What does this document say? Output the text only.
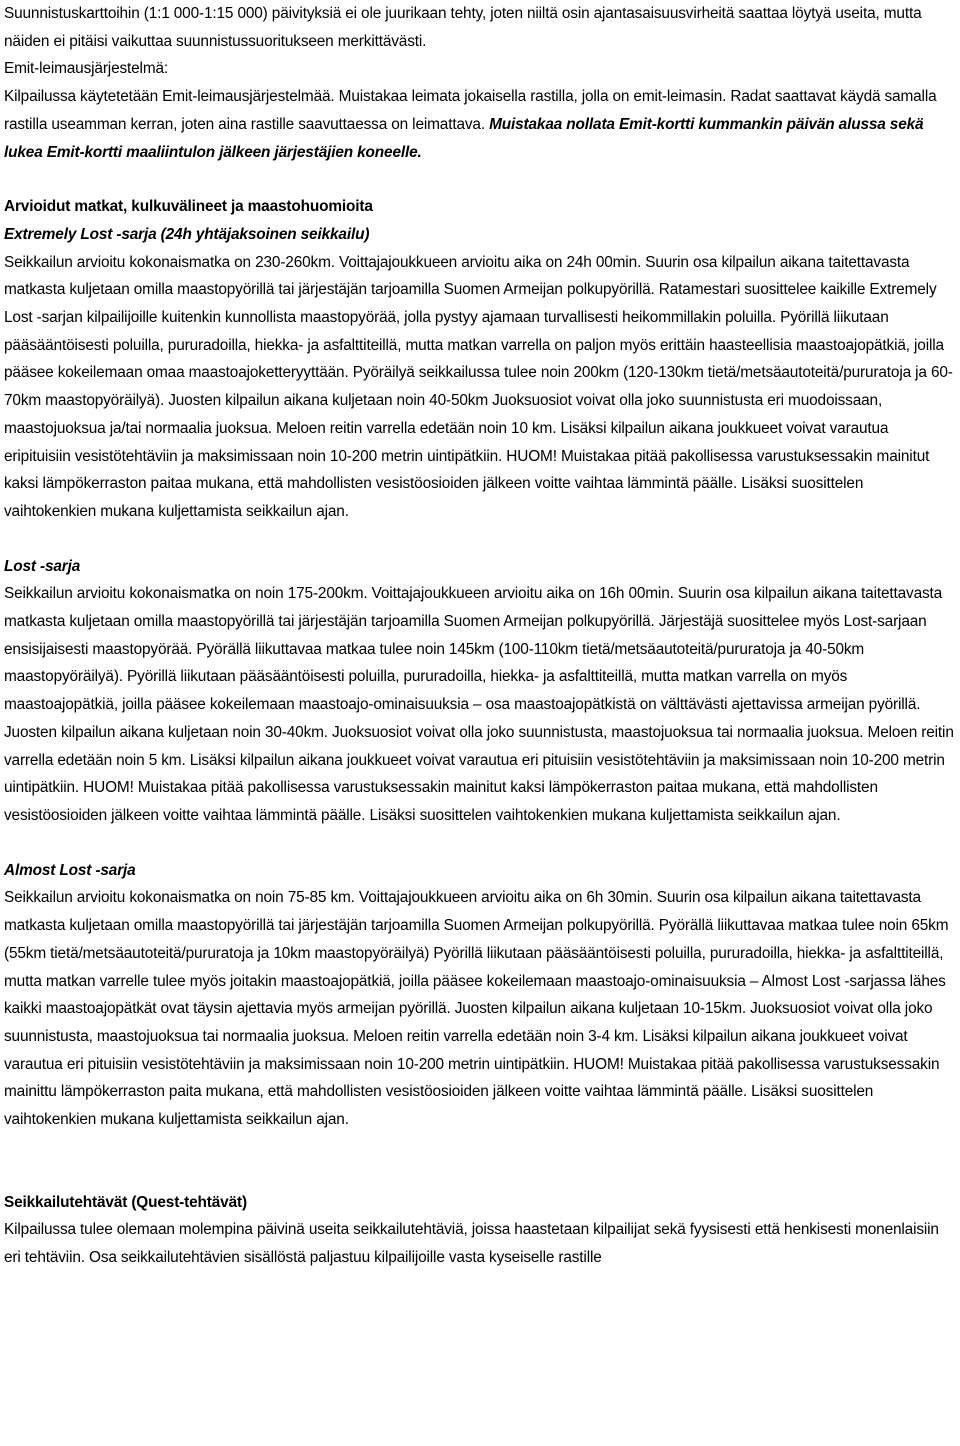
Suunnistuskarttoihin (1:1 000-1:15 000) päivityksiä ei ole juurikaan tehty, joten niiltä osin ajantasaisuusvirheitä saattaa löytyä useita, mutta näiden ei pitäisi vaikuttaa suunnistussuoritukseen merkittävästi.

Emit-leimausjärjestelmä:

Kilpailussa käytetetään Emit-leimausjärjestelmää. Muistakaa leimata jokaisella rastilla, jolla on emit-leimasin. Radat saattavat käydä samalla rastilla useamman kerran, joten aina rastille saavuttaessa on leimattava. Muistakaa nollata Emit-kortti kummankin päivän alussa sekä lukea Emit-kortti maaliintulon jälkeen järjestäjien koneelle.

Arvioidut matkat, kulkuvälineet ja maastohuomioita

Extremely Lost -sarja (24h yhtäjaksoinen seikkailu)

Seikkailun arvioitu kokonaismatka on 230-260km. Voittajajoukkueen arvioitu aika on 24h 00min. Suurin osa kilpailun aikana taitettavasta matkasta kuljetaan omilla maastopyörillä tai järjestäjän tarjoamilla Suomen Armeijan polkupyörillä. Ratamestari suosittelee kaikille Extremely Lost -sarjan kilpailijoille kuitenkin kunnollista maastopyörää, jolla pystyy ajamaan turvallisesti heikommillakin poluilla. Pyörillä liikutaan pääsääntöisesti poluilla, pururadoilla, hiekka- ja asfalttiteillä, mutta matkan varrella on paljon myös erittäin haasteellisia maastoajopätkiä, joilla pääsee kokeilemaan omaa maastoajoketteryyttään. Pyöräilyä seikkailussa tulee noin 200km (120-130km tietä/metsäautoteitä/pururatoja ja 60-70km maastopyöräilyä). Juosten kilpailun aikana kuljetaan noin 40-50km Juoksuosiot voivat olla joko suunnistusta eri muodoissaan, maastojuoksua ja/tai normaalia juoksua. Meloen reitin varrella edetään noin 10 km. Lisäksi kilpailun aikana joukkueet voivat varautua eripituisiin vesistötehtäviin ja maksimissaan noin 10-200 metrin uintipätkiin. HUOM! Muistakaa pitää pakollisessa varustuksessakin mainitut kaksi lämpökerraston paitaa mukana, että mahdollisten vesistöosioiden jälkeen voitte vaihtaa lämmintä päälle. Lisäksi suosittelen vaihtokenkien mukana kuljettamista seikkailun ajan.

Lost -sarja

Seikkailun arvioitu kokonaismatka on noin 175-200km. Voittajajoukkueen arvioitu aika on 16h 00min. Suurin osa kilpailun aikana taitettavasta matkasta kuljetaan omilla maastopyörillä tai järjestäjän tarjoamilla Suomen Armeijan polkupyörillä. Järjestäjä suosittelee myös Lost-sarjaan ensisijaisesti maastopyörää. Pyörällä liikuttavaa matkaa tulee noin 145km (100-110km tietä/metsäautoteitä/pururatoja ja 40-50km maastopyöräilyä). Pyörillä liikutaan pääsääntöisesti poluilla, pururadoilla, hiekka- ja asfalttiteillä, mutta matkan varrella on myös maastoajopätkiä, joilla pääsee kokeilemaan maastoajo-ominaisuuksia – osa maastoajopätkistä on välttävästi ajettavissa armeijan pyörillä. Juosten kilpailun aikana kuljetaan noin 30-40km. Juoksuosiot voivat olla joko suunnistusta, maastojuoksua tai normaalia juoksua. Meloen reitin varrella edetään noin 5 km. Lisäksi kilpailun aikana joukkueet voivat varautua eri pituisiin vesistötehtäviin ja maksimissaan noin 10-200 metrin uintipätkiin. HUOM! Muistakaa pitää pakollisessa varustuksessakin mainitut kaksi lämpökerraston paitaa mukana, että mahdollisten vesistöosioiden jälkeen voitte vaihtaa lämmintä päälle. Lisäksi suosittelen vaihtokenkien mukana kuljettamista seikkailun ajan.

Almost Lost -sarja

Seikkailun arvioitu kokonaismatka on noin 75-85 km. Voittajajoukkueen arvioitu aika on 6h 30min. Suurin osa kilpailun aikana taitettavasta matkasta kuljetaan omilla maastopyörillä tai järjestäjän tarjoamilla Suomen Armeijan polkupyörillä. Pyörällä liikuttavaa matkaa tulee noin 65km (55km tietä/metsäautoteitä/pururatoja ja 10km maastopyöräilyä) Pyörillä liikutaan pääsääntöisesti poluilla, pururadoilla, hiekka- ja asfalttiteillä, mutta matkan varrelle tulee myös joitakin maastoajopätkiä, joilla pääsee kokeilemaan maastoajo-ominaisuuksia – Almost Lost -sarjassa lähes kaikki maastoajopätkät ovat täysin ajettavia myös armeijan pyörillä. Juosten kilpailun aikana kuljetaan 10-15km. Juoksuosiot voivat olla joko suunnistusta, maastojuoksua tai normaalia juoksua. Meloen reitin varrella edetään noin 3-4 km. Lisäksi kilpailun aikana joukkueet voivat varautua eri pituisiin vesistötehtäviin ja maksimissaan noin 10-200 metrin uintipätkiin. HUOM! Muistakaa pitää pakollisessa varustuksessakin mainittu lämpökerraston paita mukana, että mahdollisten vesistöosioiden jälkeen voitte vaihtaa lämmintä päälle. Lisäksi suosittelen vaihtokenkien mukana kuljettamista seikkailun ajan.

Seikkailutehtävät (Quest-tehtävät)

Kilpailussa tulee olemaan molempina päivinä useita seikkailutehtäviä, joissa haastetaan kilpailijat sekä fyysisesti että henkisesti monenlaisiin eri tehtäviin. Osa seikkailutehtävien sisällöstä paljastuu kilpailijoille vasta kyseiselle rastille
